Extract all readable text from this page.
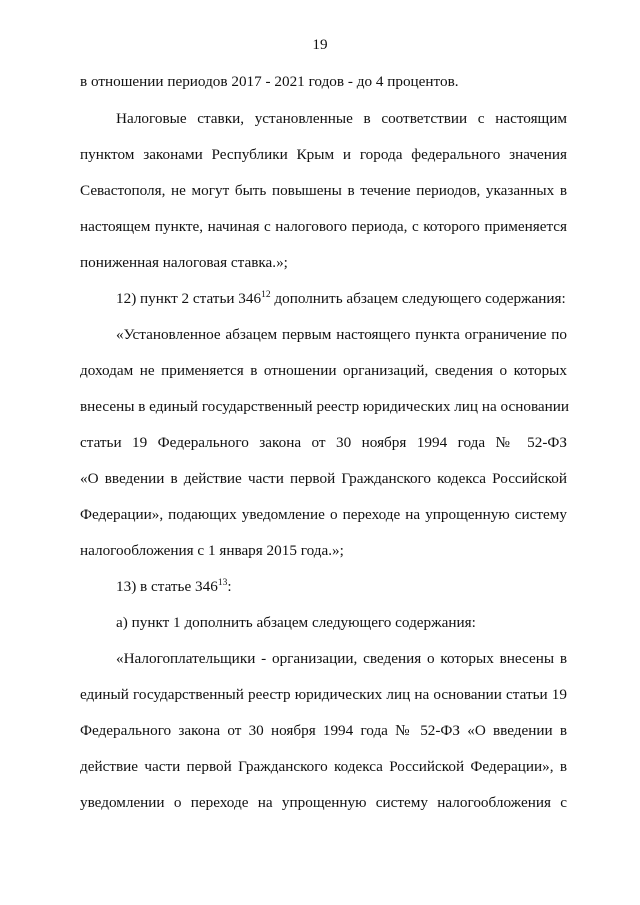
19
в отношении периодов 2017 - 2021 годов - до 4 процентов.
Налоговые ставки, установленные в соответствии с настоящим
пунктом законами Республики Крым и города федерального значения
Севастополя, не могут быть повышены в течение периодов, указанных в
настоящем пункте, начиная с налогового периода, с которого применяется
пониженная налоговая ставка.»;
12) пункт 2 статьи $346^{12}$ дополнить абзацем следующего содержания:
«Установленное абзацем первым настоящего пункта ограничение по
доходам не применяется в отношении организаций, сведения о которых
внесены в единый государственный реестр юридических лиц на основании
статьи 19 Федерального закона от 30 ноября 1994 года № 52-ФЗ
«О введении в действие части первой Гражданского кодекса Российской
Федерации», подающих уведомление о переходе на упрощенную систему
налогообложения с 1 января 2015 года.»;
13) в статье $346^{13}$:
а) пункт 1 дополнить абзацем следующего содержания:
«Налогоплательщики - организации, сведения о которых внесены в
единый государственный реестр юридических лиц на основании статьи 19
Федерального закона от 30 ноября 1994 года № 52-ФЗ «О введении в
действие части первой Гражданского кодекса Российской Федерации», в
уведомлении о переходе на упрощенную систему налогообложения с
